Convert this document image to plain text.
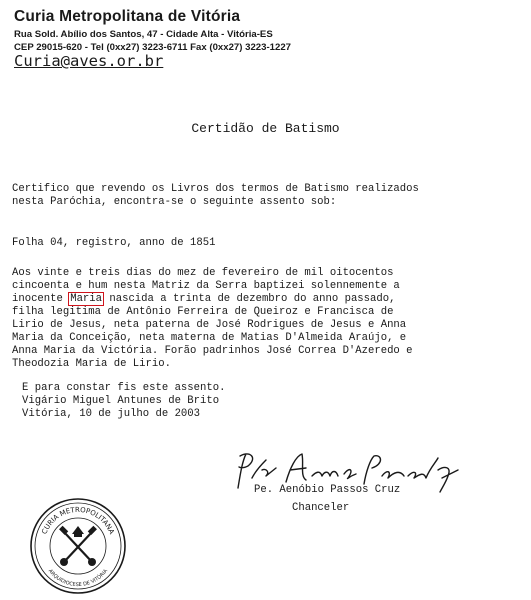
Curia Metropolitana de Vitória
Rua Sold. Abílio dos Santos, 47 - Cidade Alta - Vitória-ES
CEP 29015-620 - Tel (0xx27) 3223-6711 Fax (0xx27) 3223-1227
Curia@aves.or.br
Certidão de Batismo
Certifico que revendo os Livros dos termos de Batismo realizados
nesta Paróchia, encontra-se o seguinte assento sob:
Folha 04, registro, anno de 1851
Aos vinte e treis dias do mez de fevereiro de mil oitocentos
cincoenta e hum nesta Matriz da Serra baptizei solennemente a
inocente Maria nascida a trinta de dezembro do anno passado,
filha legitima de Antônio Ferreira de Queiroz e Francisca de
Lirio de Jesus, neta paterna de José Rodrigues de Jesus e Anna
Maria da Conceição, neta materna de Matias D'Almeida Araújo, e
Anna Maria da Victória. Forão padrinhos José Correa D'Azeredo e
Theodozia Maria de Lirio.
E para constar fis este assento.
Vigário Miguel Antunes de Brito
Vitória, 10 de julho de 2003
Pe. Aenóbio Passos Cruz
Chanceler
CURIA METROPOLITANA
ARQUIDIOCESE DE VITÓRIA
